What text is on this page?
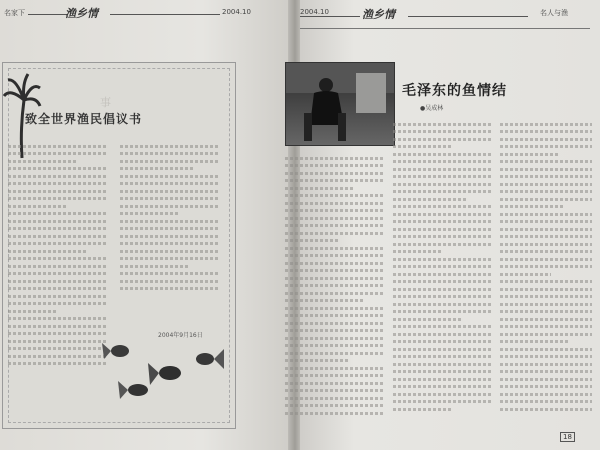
名家下	渔乡情	2004.10
事
致全世界渔民倡议书
2004年9月16日
2004.10	渔乡情	名人与渔
毛泽东的鱼情结
●吴成林
18
